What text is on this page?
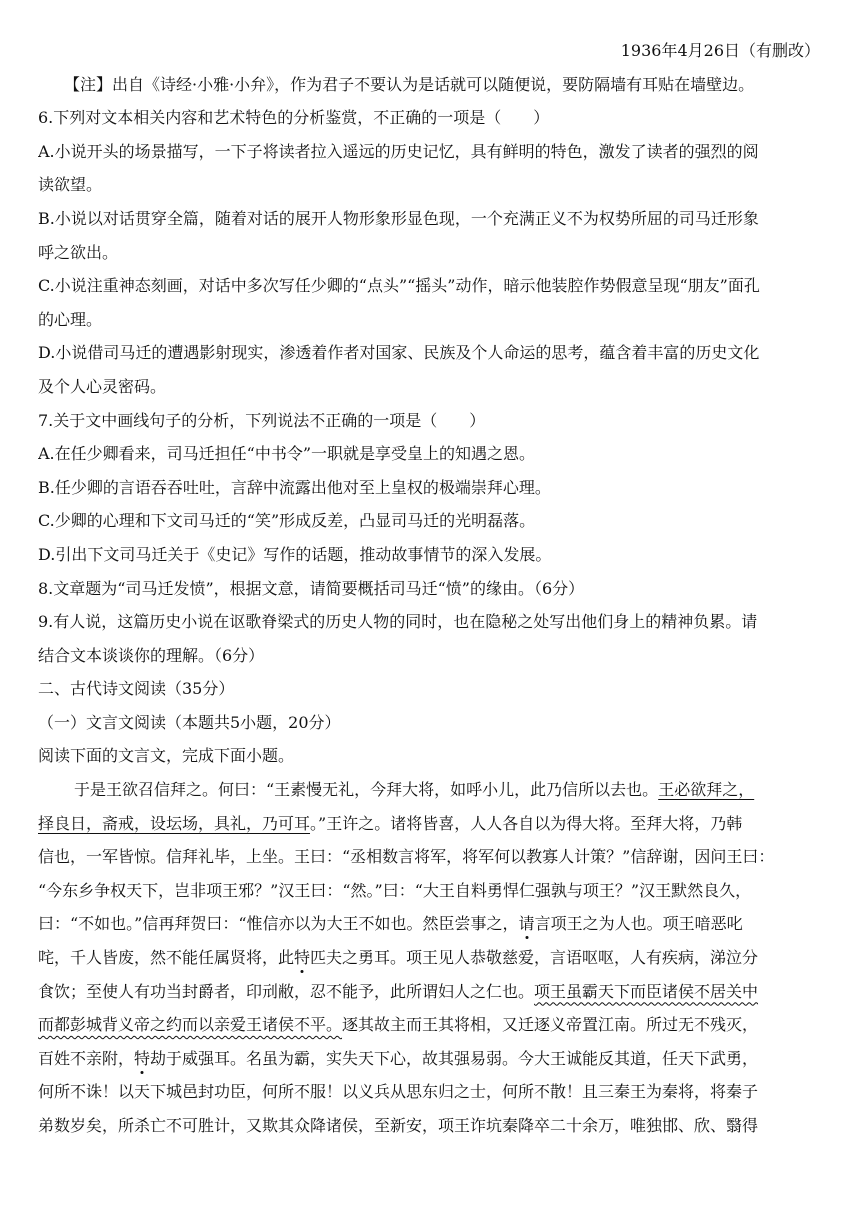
1936年4月26日（有删改）
【注】出自《诗经·小雅·小弁》，作为君子不要认为是话就可以随便说，要防隔墙有耳贴在墙壁边。
6.下列对文本相关内容和艺术特色的分析鉴赏，不正确的一项是（　　）
A.小说开头的场景描写，一下子将读者拉入遥远的历史记忆，具有鲜明的特色，激发了读者的强烈的阅
读欲望。
B.小说以对话贯穿全篇，随着对话的展开人物形象形显色现，一个充满正义不为权势所屈的司马迁形象
呼之欲出。
C.小说注重神态刻画，对话中多次写任少卿的“点头”“摇头”动作，暗示他装腔作势假意呈现“朋友”面孔
的心理。
D.小说借司马迁的遭遇影射现实，渗透着作者对国家、民族及个人命运的思考，蕴含着丰富的历史文化
及个人心灵密码。
7.关于文中画线句子的分析，下列说法不正确的一项是（　　）
A.在任少卿看来，司马迁担任“中书令”一职就是享受皇上的知遇之恩。
B.任少卿的言语吞吞吐吐，言辞中流露出他对至上皇权的极端崇拜心理。
C.少卿的心理和下文司马迁的“笑”形成反差，凸显司马迁的光明磊落。
D.引出下文司马迁关于《史记》写作的话题，推动故事情节的深入发展。
8.文章题为“司马迁发愤”，根据文意，请简要概括司马迁“愤”的缘由。（6分）
9.有人说，这篇历史小说在讴歌脊梁式的历史人物的同时，也在隐秘之处写出他们身上的精神负累。请
结合文本谈谈你的理解。（6分）
二、古代诗文阅读（35分）
（一）文言文阅读（本题共5小题，20分）
阅读下面的文言文，完成下面小题。
于是王欲召信拜之。何曰：“王素慢无礼，今拜大将，如呼小儿，此乃信所以去也。王必欲拜之，
择良日，斋戒，设坛场，具礼，乃可耳。”王许之。诸将皆喜，人人各自以为得大将。至拜大将，乃韩
信也，一军皆惊。信拜礼毕，上坐。王曰：“丞相数言将军，将军何以教寡人计策？”信辞谢，因问王曰：
“今东乡争权天下，岂非项王邪？”汉王曰：“然。”曰：“大王自料勇悍仁强孰与项王？”汉王默然良久，
曰：“不如也。”信再拜贺曰：“惟信亦以为大王不如也。然臣尝事之，请言项王之为人也。项王喑恶叱
咤，千人皆废，然不能任属贤将，此特匹夫之勇耳。项王见人恭敬慈爱，言语呕呕，人有疾病，涕泣分
食饮；至使人有功当封爵者，印刓敝，忍不能予，此所谓妇人之仁也。项王虽霸天下而臣诸侯不居关中
而都彭城背义帝之约而以亲爱王诸侯不平。逐其故主而王其将相，又迁逐义帝置江南。所过无不残灭，
百姓不亲附，特劫于威强耳。名虽为霸，实失天下心，故其强易弱。今大王诚能反其道，任天下武勇，
何所不诛！以天下城邑封功臣，何所不服！以义兵从思东归之士，何所不散！且三秦王为秦将，将秦子
弟数岁矣，所杀亡不可胜计，又欺其众降诸侯，至新安，项王诈坑秦降卒二十余万，唯独邯、欣、翳得
